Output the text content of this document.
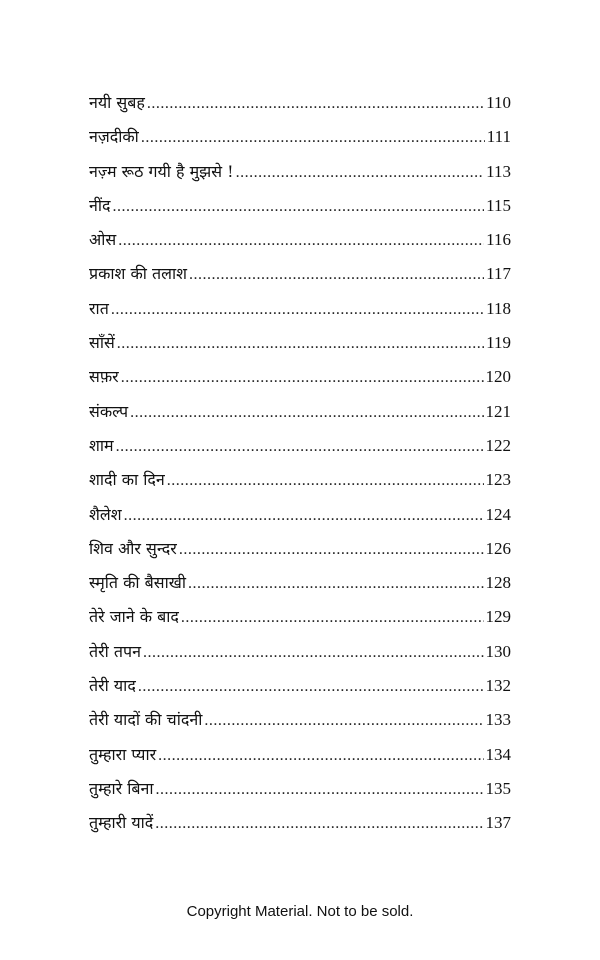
नयी सुबह .....	110
नज़दीकी .....	111
नज़्म रूठ गयी है मुझसे ! .....	113
नींद .....	115
ओस .....	116
प्रकाश की तलाश .....	117
रात .....	118
साँसें .....	119
सफ़र .....	120
संकल्प .....	121
शाम .....	122
शादी का दिन .....	123
शैलेश .....	124
शिव और सुन्दर .....	126
स्मृति की बैसाखी .....	128
तेरे जाने के बाद .....	129
तेरी तपन .....	130
तेरी याद .....	132
तेरी यादों की चांदनी .....	133
तुम्हारा प्यार .....	134
तुम्हारे बिना .....	135
तुम्हारी यादें .....	137
Copyright Material. Not to be sold.
